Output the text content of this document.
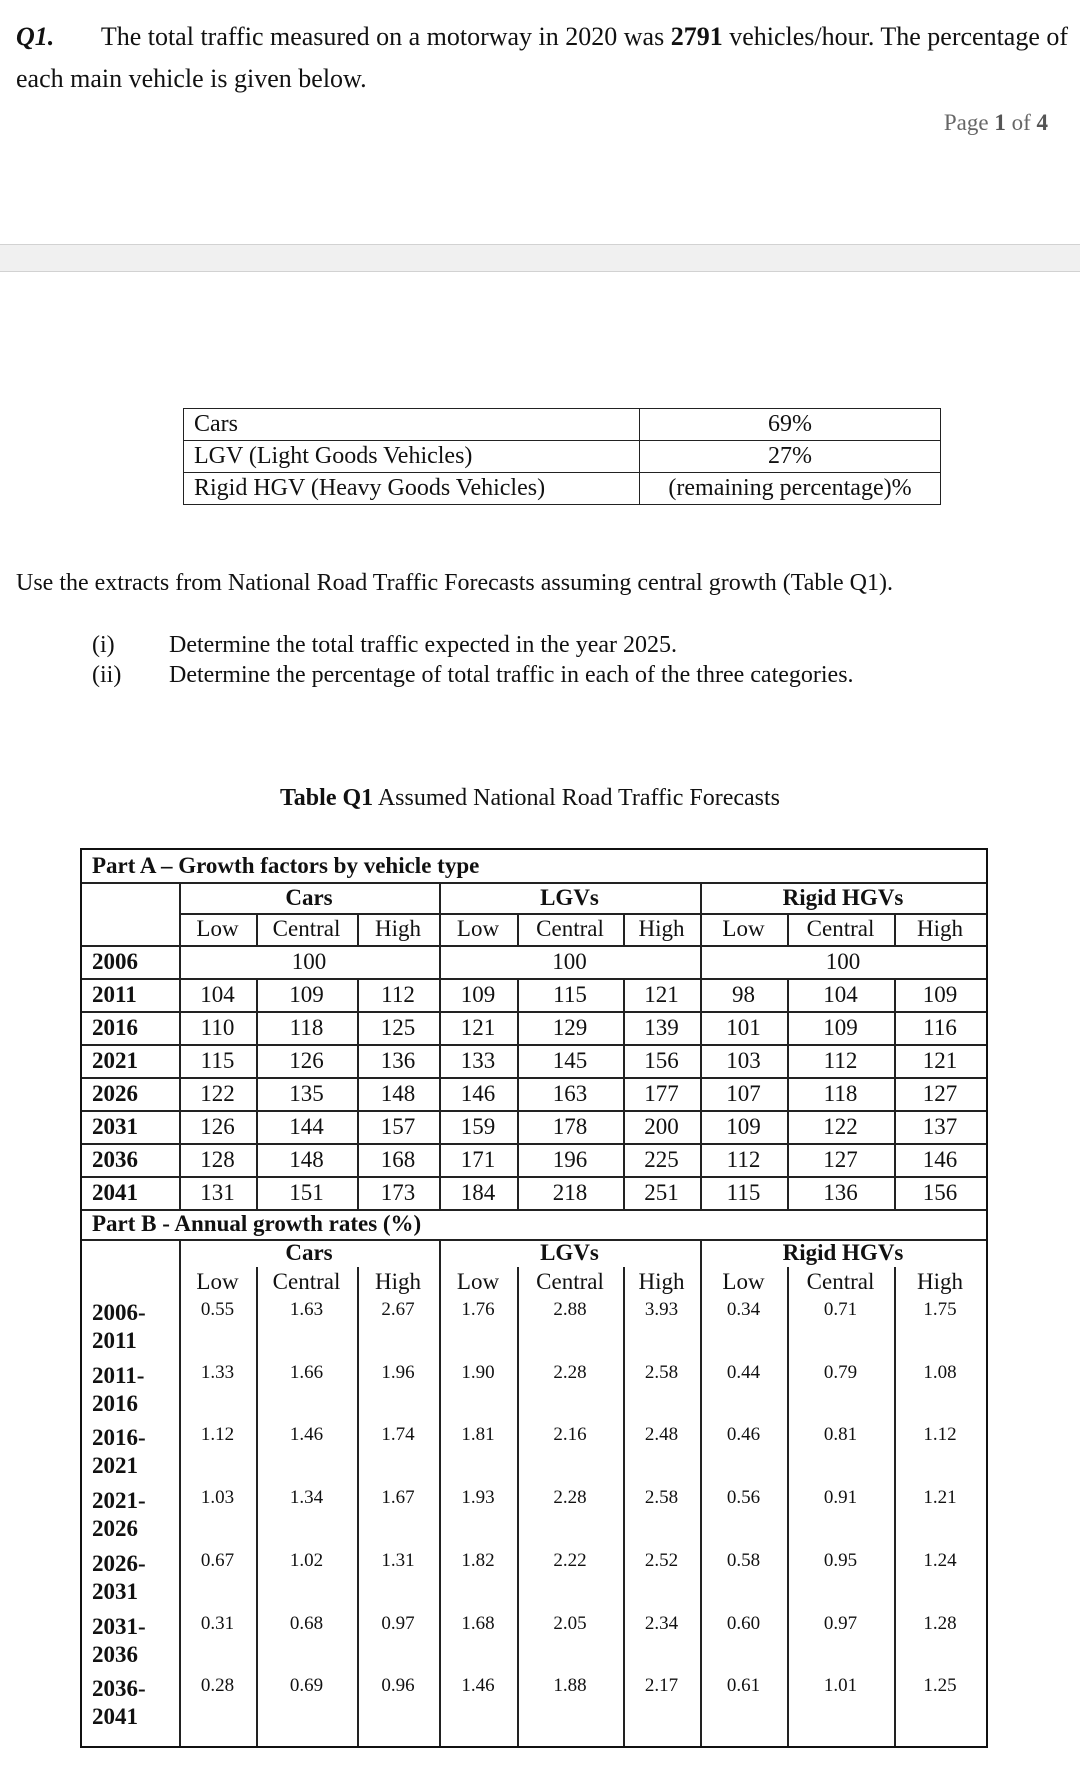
Q1. The total traffic measured on a motorway in 2020 was 2791 vehicles/hour. The percentage of
each main vehicle is given below.
Page 1 of 4
Cars	69%
LGV (Light Goods Vehicles)	27%
Rigid HGV (Heavy Goods Vehicles)	(remaining percentage)%
Use the extracts from National Road Traffic Forecasts assuming central growth (Table Q1).
(i) Determine the total traffic expected in the year 2025.
(ii) Determine the percentage of total traffic in each of the three categories.
Table Q1 Assumed National Road Traffic Forecasts
Part A – Growth factors by vehicle type
Cars	LGVs	Rigid HGVs
Low	Central	High	Low	Central	High	Low	Central	High
2006	100	100	100
2011	104	109	112	109	115	121	98	104	109
2016	110	118	125	121	129	139	101	109	116
2021	115	126	136	133	145	156	103	112	121
2026	122	135	148	146	163	177	107	118	127
2031	126	144	157	159	178	200	109	122	137
2036	128	148	168	171	196	225	112	127	146
2041	131	151	173	184	218	251	115	136	156
Part B - Annual growth rates (%)
Cars	LGVs	Rigid HGVs
Low	Central	High	Low	Central	High	Low	Central	High
2006-
2011
0.55	1.63	2.67	1.76	2.88	3.93	0.34	0.71	1.75
2011-
2016
1.33	1.66	1.96	1.90	2.28	2.58	0.44	0.79	1.08
2016-
2021
1.12	1.46	1.74	1.81	2.16	2.48	0.46	0.81	1.12
2021-
2026
1.03	1.34	1.67	1.93	2.28	2.58	0.56	0.91	1.21
2026-
2031
0.67	1.02	1.31	1.82	2.22	2.52	0.58	0.95	1.24
2031-
2036
0.31	0.68	0.97	1.68	2.05	2.34	0.60	0.97	1.28
2036-
2041
0.28	0.69	0.96	1.46	1.88	2.17	0.61	1.01	1.25
